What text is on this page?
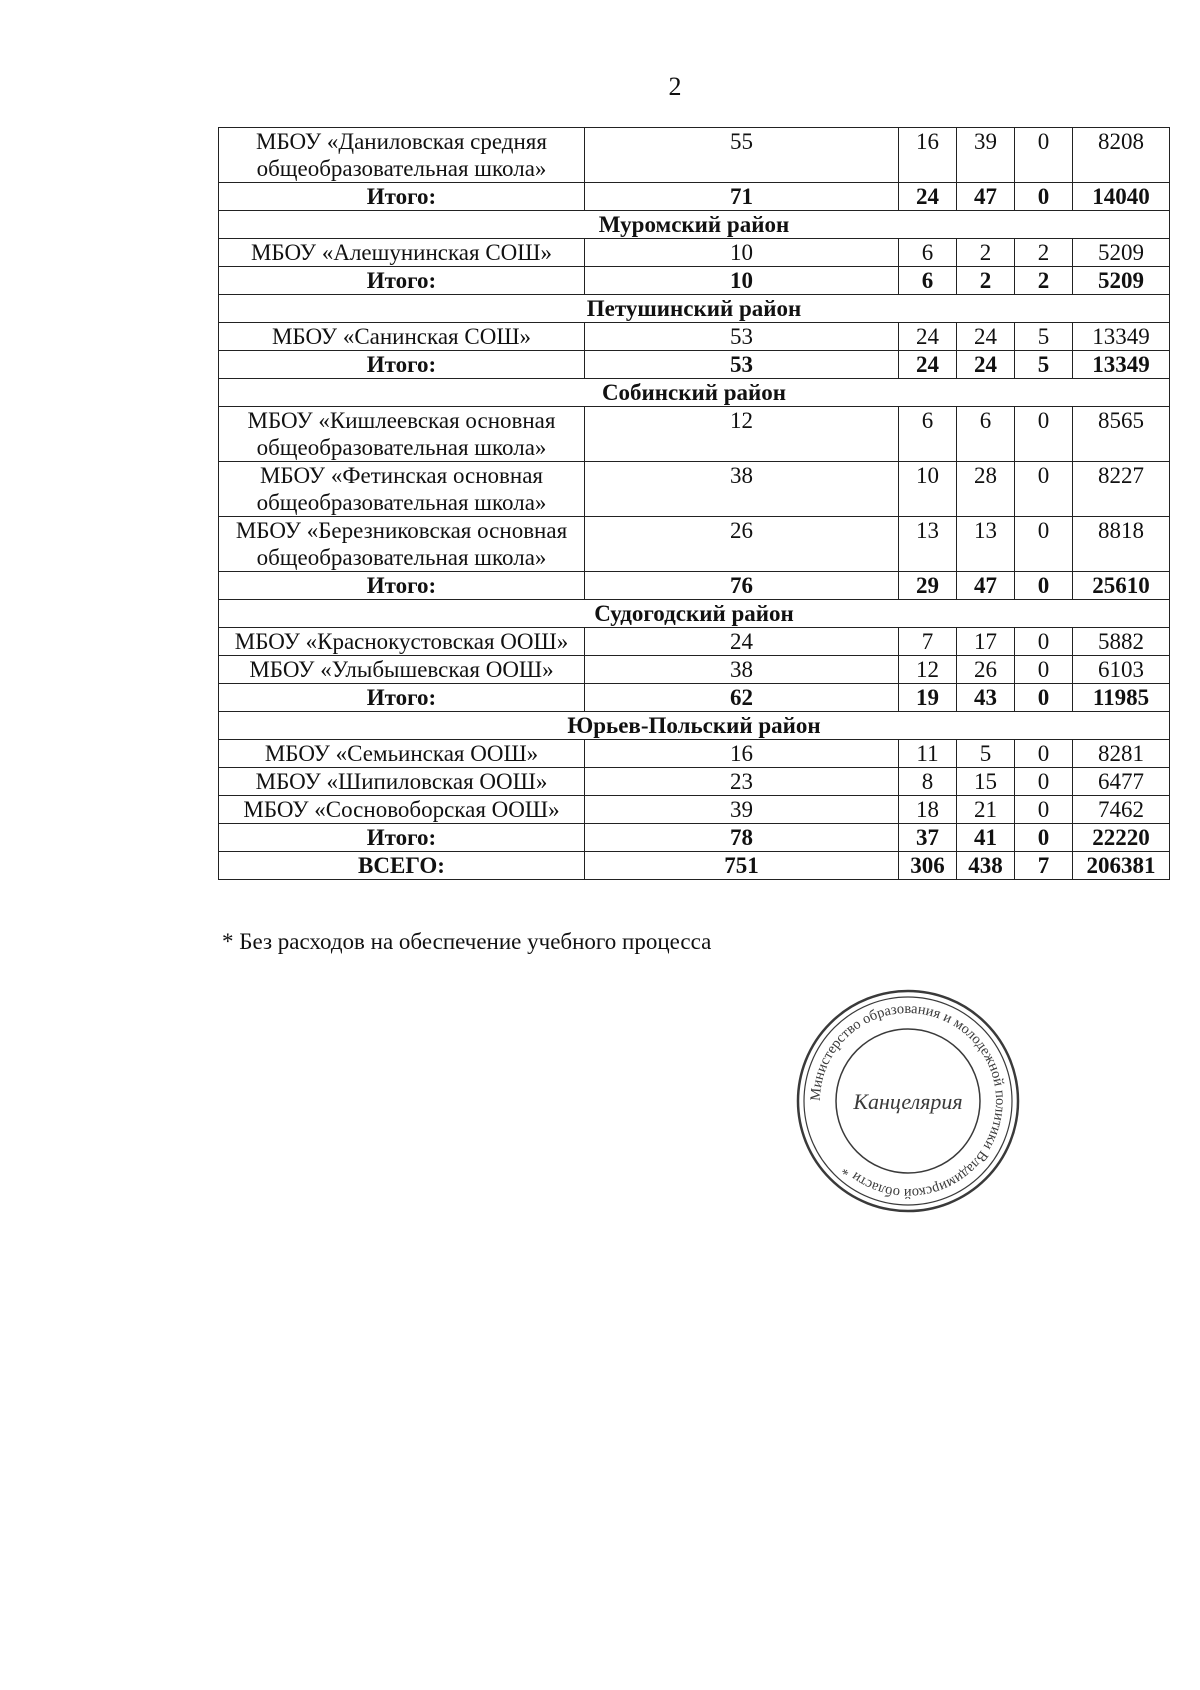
2
МБОУ «Даниловская средняя общеобразовательная школа»	55	16	39	0	8208
Итого:	71	24	47	0	14040
Муромский район					
МБОУ «Алешунинская СОШ»	10	6	2	2	5209
Итого:	10	6	2	2	5209
Петушинский район					
МБОУ «Санинская СОШ»	53	24	24	5	13349
Итого:	53	24	24	5	13349
Собинский район					
МБОУ «Кишлеевская основная общеобразовательная школа»	12	6	6	0	8565
МБОУ «Фетинская основная общеобразовательная школа»	38	10	28	0	8227
МБОУ «Березниковская основная общеобразовательная школа»	26	13	13	0	8818
Итого:	76	29	47	0	25610
Судогодский район					
МБОУ «Краснокустовская ООШ»	24	7	17	0	5882
МБОУ «Улыбышевская ООШ»	38	12	26	0	6103
Итого:	62	19	43	0	11985
Юрьев-Польский район					
МБОУ «Семьинская ООШ»	16	11	5	0	8281
МБОУ «Шипиловская ООШ»	23	8	15	0	6477
МБОУ «Сосновоборская ООШ»	39	18	21	0	7462
Итого:	78	37	41	0	22220
ВСЕГО:	751	306	438	7	206381
* Без расходов на обеспечение учебного процесса
Министерство образования и молодежной политики Владимирской области *
Канцелярия
